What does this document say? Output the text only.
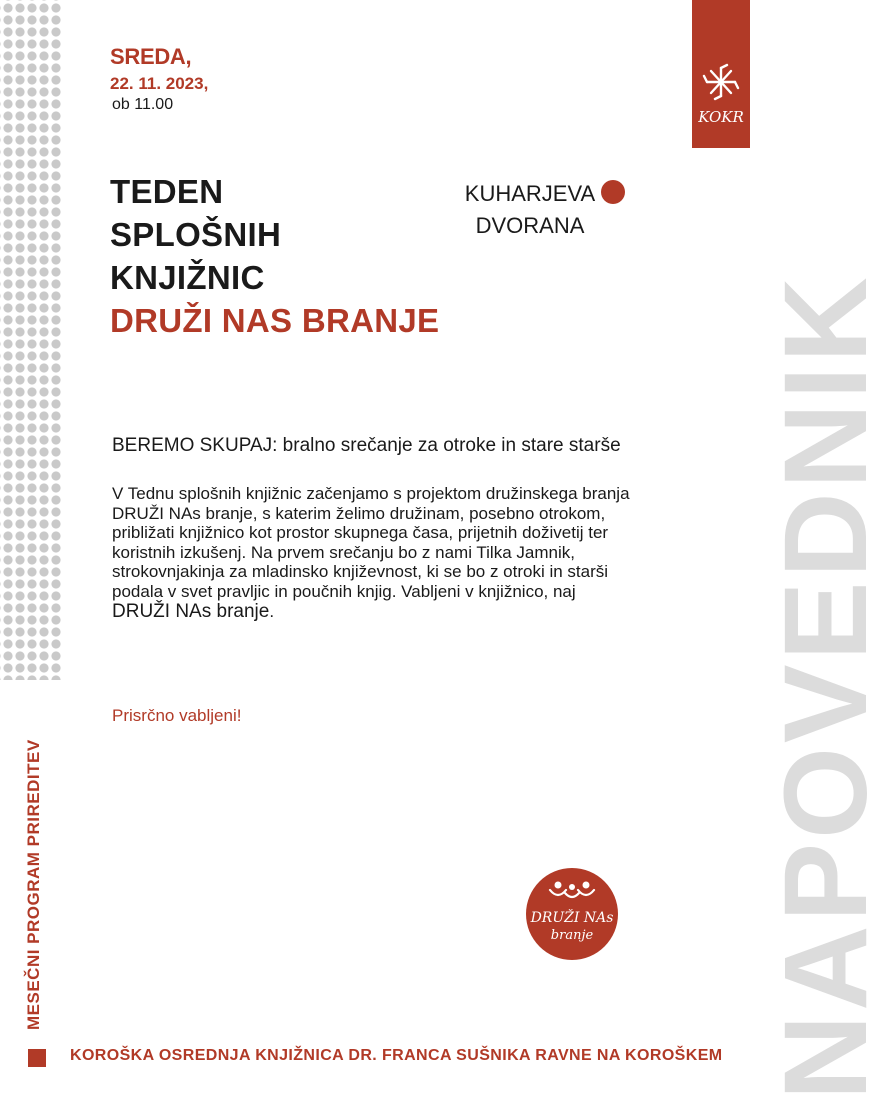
SREDA,
22. 11. 2023,
ob 11.00
TEDEN
SPLOŠNIH
KNJIŽNIC
DRUŽI NAS BRANJE
KUHARJEVA
DVORANA
BEREMO SKUPAJ: bralno srečanje za otroke in stare starše
V Tednu splošnih knjižnic začenjamo s projektom družinskega branja DRUŽI NAs branje, s katerim želimo družinam, posebno otrokom, približati knjižnico kot prostor skupnega časa, prijetnih doživetij ter koristnih izkušenj. Na prvem srečanju bo z nami Tilka Jamnik, strokovnjakinja za mladinsko književnost, ki se bo z otroki in starši podala v svet pravljic in poučnih knjig. Vabljeni v knjižnico, naj DRUŽI NAs branje.
Prisrčno vabljeni!
MESEČNI PROGRAM PRIREDITEV	NAPOVEDNIK
KOKR
DRUŽI NAs
branje
KOROŠKA OSREDNJA KNJIŽNICA DR. FRANCA SUŠNIKA RAVNE NA KOROŠKEM
